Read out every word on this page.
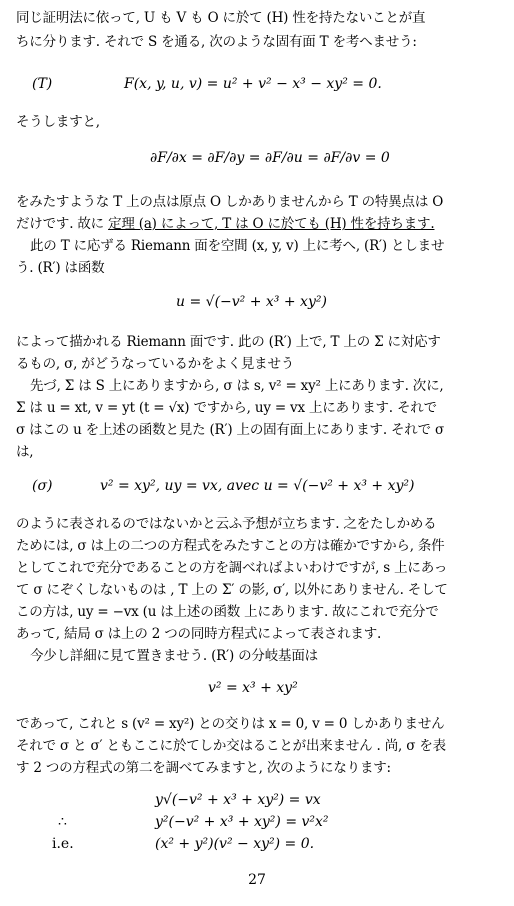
同じ証明法に依って, U も V も O に於て (H) 性を持たないことが直
ちに分ります. それで S を通る, 次のような固有面 T を考へませう:
(T)	F(x, y, u, v) = u² + v² − x³ − xy² = 0.
そうしますと,
∂F/∂x = ∂F/∂y = ∂F/∂u = ∂F/∂v = 0
をみたすような T 上の点は原点 O しかありませんから T の特異点は O
だけです. 故に 定理 (a) によって, T は O に於ても (H) 性を持ちます.
此の T に応ずる Riemann 面を空間 (x, y, v) 上に考へ, (R′) としませ
う. (R′) は函数
u = √(−v² + x³ + xy²)
によって描かれる Riemann 面です. 此の (R′) 上で, T 上の Σ に対応す
るもの, σ, がどうなっているかをよく見ませう
先づ, Σ は S 上にありますから, σ は s, v² = xy² 上にあります. 次に,
Σ は u = xt, v = yt (t = √x) ですから, uy = vx 上にあります. それで
σ はこの u を上述の函数と見た (R′) 上の固有面上にあります. それで σ
は,
(σ)	v² = xy², uy = vx, avec u = √(−v² + x³ + xy²)
のように表されるのではないかと云ふ予想が立ちます. 之をたしかめる
ためには, σ は上の二つの方程式をみたすことの方は確かですから, 条件
としてこれで充分であることの方を調べればよいわけですが, s 上にあっ
て σ にぞくしないものは , T 上の Σ′ の影, σ′, 以外にありません. そして
この方は, uy = −vx (u は上述の函数 上にあります. 故にこれで充分で
あって, 結局 σ は上の 2 つの同時方程式によって表されます.
今少し詳細に見て置きませう. (R′) の分岐基面は
v² = x³ + xy²
であって, これと s (v² = xy²) との交りは x = 0, v = 0 しかありません
それで σ と σ′ ともここに於てしか交はることが出来ません . 尚, σ を表
す 2 つの方程式の第二を調べてみますと, 次のようになります:
y√(−v² + x³ + xy²) = vx
∴	y²(−v² + x³ + xy²) = v²x²
i.e.	(x² + y²)(v² − xy²) = 0.
27
